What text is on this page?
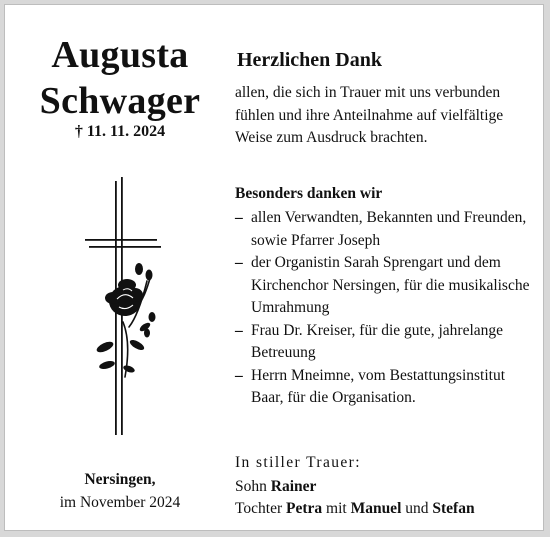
Augusta
Schwager
† 11. 11. 2024
Nersingen,
im November 2024
Herzlichen Dank
allen, die sich in Trauer mit uns verbunden fühlen und ihre Anteilnahme auf vielfältige Weise zum Ausdruck brachten.
Besonders danken wir
– allen Verwandten, Bekannten und Freunden, sowie Pfarrer Joseph
– der Organistin Sarah Sprengart und dem Kirchenchor Nersingen, für die musikalische Umrahmung
– Frau Dr. Kreiser, für die gute, jahrelange Betreuung
– Herrn Mneimne, vom Bestattungsinstitut Baar, für die Organisation.
In stiller Trauer:
Sohn Rainer
Tochter Petra mit Manuel und Stefan
